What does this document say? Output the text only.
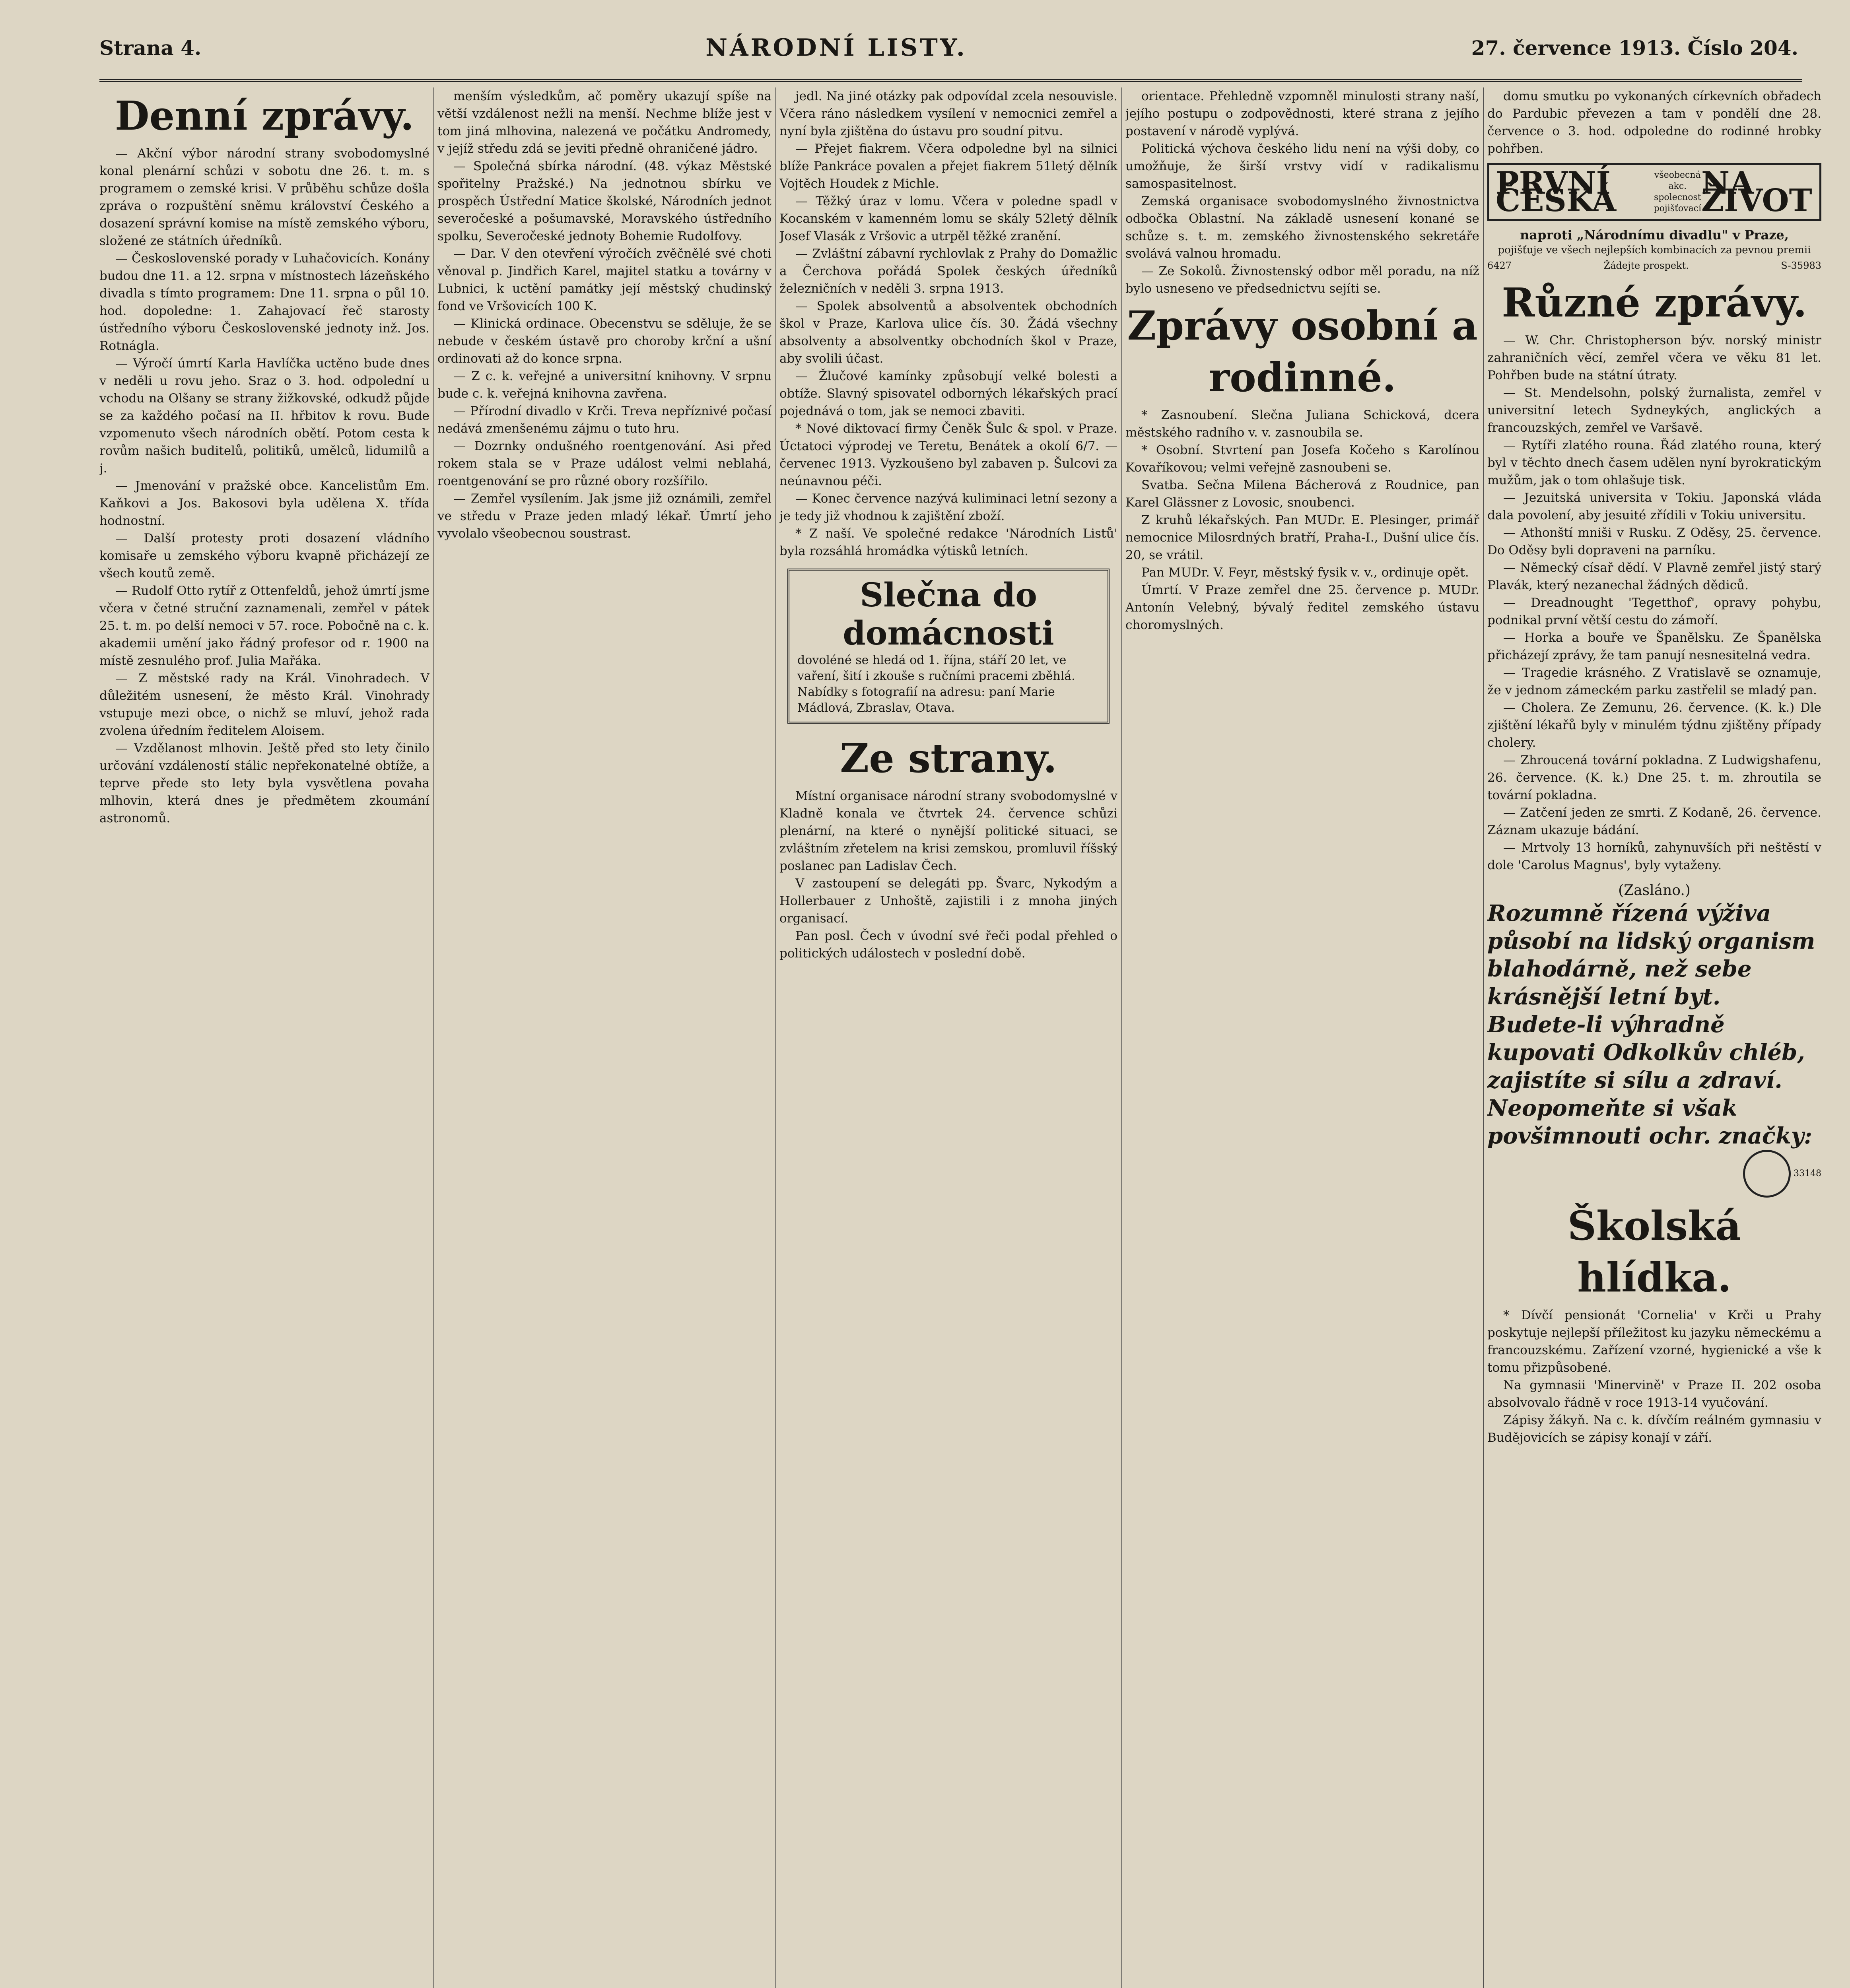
Strana 4.	NÁRODNÍ LISTY.	27. července 1913. Číslo 204.
Denní zprávy.

— Akční výbor národní strany svobodomyslné konal plenární schůzi v sobotu dne 26. t. m. s programem o zemské krisi. V průběhu schůze došla zpráva o rozpuštění sněmu království Českého a dosazení správní komise na místě zemského výboru, složené ze státních úředníků.

— Československé porady v Luhačovicích. Konány budou dne 11. a 12. srpna v místnostech lázeňského divadla s tímto programem: Dne 11. srpna o půl 10. hod. dopoledne: 1. Zahajovací řeč starosty ústředního výboru Československé jednoty inž. Jos. Rotnágla.

— Výročí úmrtí Karla Havlíčka uctěno bude dnes v neděli u rovu jeho. Sraz o 3. hod. odpolední u vchodu na Olšany se strany žižkovské, odkudž půjde se za každého počasí na II. hřbitov k rovu. Bude vzpomenuto všech národních obětí. Potom cesta k rovům našich buditelů, politiků, umělců, lidumilů a j.

— Jmenování v pražské obce. Kancelistům Em. Kaňkovi a Jos. Bakosovi byla udělena X. třída hodnostní.

— Další protesty proti dosazení vládního komisaře u zemského výboru kvapně přicházejí ze všech koutů země.

— Rudolf Otto rytíř z Ottenfeldů, jehož úmrtí jsme včera v četné struční zaznamenali, zemřel v pátek 25. t. m. po delší nemoci v 57. roce. Pobočně na c. k. akademii umění jako řádný profesor od r. 1900 na místě zesnulého prof. Julia Mařáka.

— Z městské rady na Král. Vinohradech. V důležitém usnesení, že město Král. Vinohrady vstupuje mezi obce, o nichž se mluví, jehož rada zvolena úředním ředitelem Aloisem.

— Vzdělanost mlhovin. Ještě před sto lety činilo určování vzdáleností stálic nepřekonatelné obtíže, a teprve přede sto lety byla vysvětlena povaha mlhovin, která dnes je předmětem zkoumání astronomů.

menším výsledkům, ač poměry ukazují spíše na větší vzdálenost nežli na menší. Nechme blíže jest v tom jiná mlhovina, nalezená ve počátku Andromedy, v jejíž středu zdá se jeviti předně ohraničené jádro.

— Společná sbírka národní. (48. výkaz Městské spořitelny Pražské.) Na jednotnou sbírku ve prospěch Ústřední Matice školské, Národních jednot severočeské a pošumavské, Moravského ústředního spolku, Severočeské jednoty Bohemie Rudolfovy.

— Dar. V den otevření výročích zvěčnělé své choti věnoval p. Jindřich Karel, majitel statku a továrny v Lubnici, k uctění památky její městský chudinský fond ve Vršovicích 100 K.

— Klinická ordinace. Obecenstvu se sděluje, že se nebude v českém ústavě pro choroby krční a ušní ordinovati až do konce srpna.

— Z c. k. veřejné a universitní knihovny. V srpnu bude c. k. veřejná knihovna zavřena.

— Přírodní divadlo v Krči. Treva nepříznivé počasí nedává zmenšenému zájmu o tuto hru.

— Dozrnky ondušného roentgenování. Asi před rokem stala se v Praze událost velmi neblahá, roentgenování se pro různé obory rozšířilo.

— Zemřel vysílením. Jak jsme již oznámili, zemřel ve středu v Praze jeden mladý lékař. Úmrtí jeho vyvolalo všeobecnou soustrast.

jedl. Na jiné otázky pak odpovídal zcela nesouvisle. Včera ráno následkem vysílení v nemocnici zemřel a nyní byla zjištěna do ústavu pro soudní pitvu.

— Přejet fiakrem. Včera odpoledne byl na silnici blíže Pankráce povalen a přejet fiakrem 51letý dělník Vojtěch Houdek z Michle.

— Těžký úraz v lomu. Včera v poledne spadl v Kocanském v kamenném lomu se skály 52letý dělník Josef Vlasák z Vršovic a utrpěl těžké zranění.

— Zvláštní zábavní rychlovlak z Prahy do Domažlic a Čerchova pořádá Spolek českých úředníků železničních v neděli 3. srpna 1913.

— Spolek absolventů a absolventek obchodních škol v Praze, Karlova ulice čís. 30. Žádá všechny absolventy a absolventky obchodních škol v Praze, aby svolili účast.

— Žlučové kamínky způsobují velké bolesti a obtíže. Slavný spisovatel odborných lékařských prací pojednává o tom, jak se nemoci zbaviti.

* Nové diktovací firmy Čeněk Šulc & spol. v Praze. Úctatoci výprodej ve Teretu, Benátek a okolí 6/7. — červenec 1913. Vyzkoušeno byl zabaven p. Šulcovi za neúnavnou péči.

— Konec července nazývá kuliminaci letní sezony a je tedy již vhodnou k zajištění zboží.

* Z naší. Ve společné redakce 'Národních Listů' byla rozsáhlá hromádka výtisků letních.

Slečna do domácnosti
dovoléné se hledá od 1. října, stáří 20 let, ve vaření, šití i zkouše s ručními pracemi zběhlá. Nabídky s fotografií na adresu: paní Marie Mádlová, Zbraslav, Otava.
Ze strany.

Místní organisace národní strany svobodomyslné v Kladně konala ve čtvrtek 24. července schůzi plenární, na které o nynější politické situaci, se zvláštním zřetelem na krisi zemskou, promluvil říšský poslanec pan Ladislav Čech.

V zastoupení se delegáti pp. Švarc, Nykodým a Hollerbauer z Unhoště, zajistili i z mnoha jiných organisací.

Pan posl. Čech v úvodní své řeči podal přehled o politických událostech v poslední době.

orientace. Přehledně vzpomněl minulosti strany naší, jejího postupu o zodpovědnosti, které strana z jejího postavení v národě vyplývá.

Politická výchova českého lidu není na výši doby, co umožňuje, že širší vrstvy vidí v radikalismu samospasitelnost.

Zemská organisace svobodomyslného živnostnictva odbočka Oblastní. Na základě usnesení konané se schůze s. t. m. zemského živnostenského sekretáře svolává valnou hromadu.

— Ze Sokolů. Živnostenský odbor měl poradu, na níž bylo usneseno ve předsednictvu sejíti se.

Zprávy osobní a rodinné.

* Zasnoubení. Slečna Juliana Schicková, dcera městského radního v. v. zasnoubila se.

* Osobní. Stvrtení pan Josefa Kočeho s Karolínou Kovaříkovou; velmi veřejně zasnoubeni se.

Svatba. Sečna Milena Bácherová z Roudnice, pan Karel Glässner z Lovosic, snoubenci.

Z kruhů lékařských. Pan MUDr. E. Plesinger, primář nemocnice Milosrdných bratří, Praha-I., Dušní ulice čís. 20, se vrátil.

Pan MUDr. V. Feyr, městský fysik v. v., ordinuje opět.

Úmrtí. V Praze zemřel dne 25. července p. MUDr. Antonín Velebný, bývalý ředitel zemského ústavu choromyslných.

domu smutku po vykonaných církevních obřadech do Pardubic převezen a tam v pondělí dne 28. července o 3. hod. odpoledne do rodinné hrobky pohřben.

PRVNÍ ČESKÁ
všeobecná akc. spolecnost pojišťovací
NA ŽIVOT
naproti „Národnímu divadlu" v Praze,
pojišťuje ve všech nejlepších kombinacích za pevnou premii
6427	Žádejte prospekt.	S-35983
Různé zprávy.

— W. Chr. Christopherson býv. norský ministr zahraničních věcí, zemřel včera ve věku 81 let. Pohřben bude na státní útraty.

— St. Mendelsohn, polský žurnalista, zemřel v universitní letech Sydneykých, anglických a francouzských, zemřel ve Varšavě.

— Rytíři zlatého rouna. Řád zlatého rouna, který byl v těchto dnech časem udělen nyní byrokratickým mužům, jak o tom ohlašuje tisk.

— Jezuitská universita v Tokiu. Japonská vláda dala povolení, aby jesuité zřídili v Tokiu universitu.

— Athonští mniši v Rusku. Z Oděsy, 25. července. Do Oděsy byli dopraveni na parníku.

— Německý císař dědí. V Plavně zemřel jistý starý Plavák, který nezanechal žádných dědiců.

— Dreadnought 'Tegetthof', opravy pohybu, podnikal první větší cestu do zámoří.

— Horka a bouře ve Španělsku. Ze Španělska přicházejí zprávy, že tam panují nesnesitelná vedra.

— Tragedie krásného. Z Vratislavě se oznamuje, že v jednom zámeckém parku zastřelil se mladý pan.

— Cholera. Ze Zemunu, 26. července. (K. k.) Dle zjištění lékařů byly v minulém týdnu zjištěny případy cholery.

— Zhroucená tovární pokladna. Z Ludwigshafenu, 26. července. (K. k.) Dne 25. t. m. zhroutila se tovární pokladna.

— Zatčení jeden ze smrti. Z Kodaně, 26. července. Záznam ukazuje bádání.

— Mrtvoly 13 horníků, zahynuvších při neštěstí v dole 'Carolus Magnus', byly vytaženy.

(Zasláno.)
Rozumně řízená výživa působí na lidský organism blahodárně, než sebe krásnější letní byt. Budete-li výhradně kupovati Odkolkův chléb, zajistíte si sílu a zdraví. Neopomeňte si však povšimnouti ochr. značky:
33148
Školská hlídka.

* Dívčí pensionát 'Cornelia' v Krči u Prahy poskytuje nejlepší příležitost ku jazyku německému a francouzskému. Zařízení vzorné, hygienické a vše k tomu přizpůsobené.

Na gymnasii 'Minervině' v Praze II. 202 osoba absolvovalo řádně v roce 1913-14 vyučování.

Zápisy žákyň. Na c. k. dívčím reálném gymnasiu v Budějovicích se zápisy konají v září.
